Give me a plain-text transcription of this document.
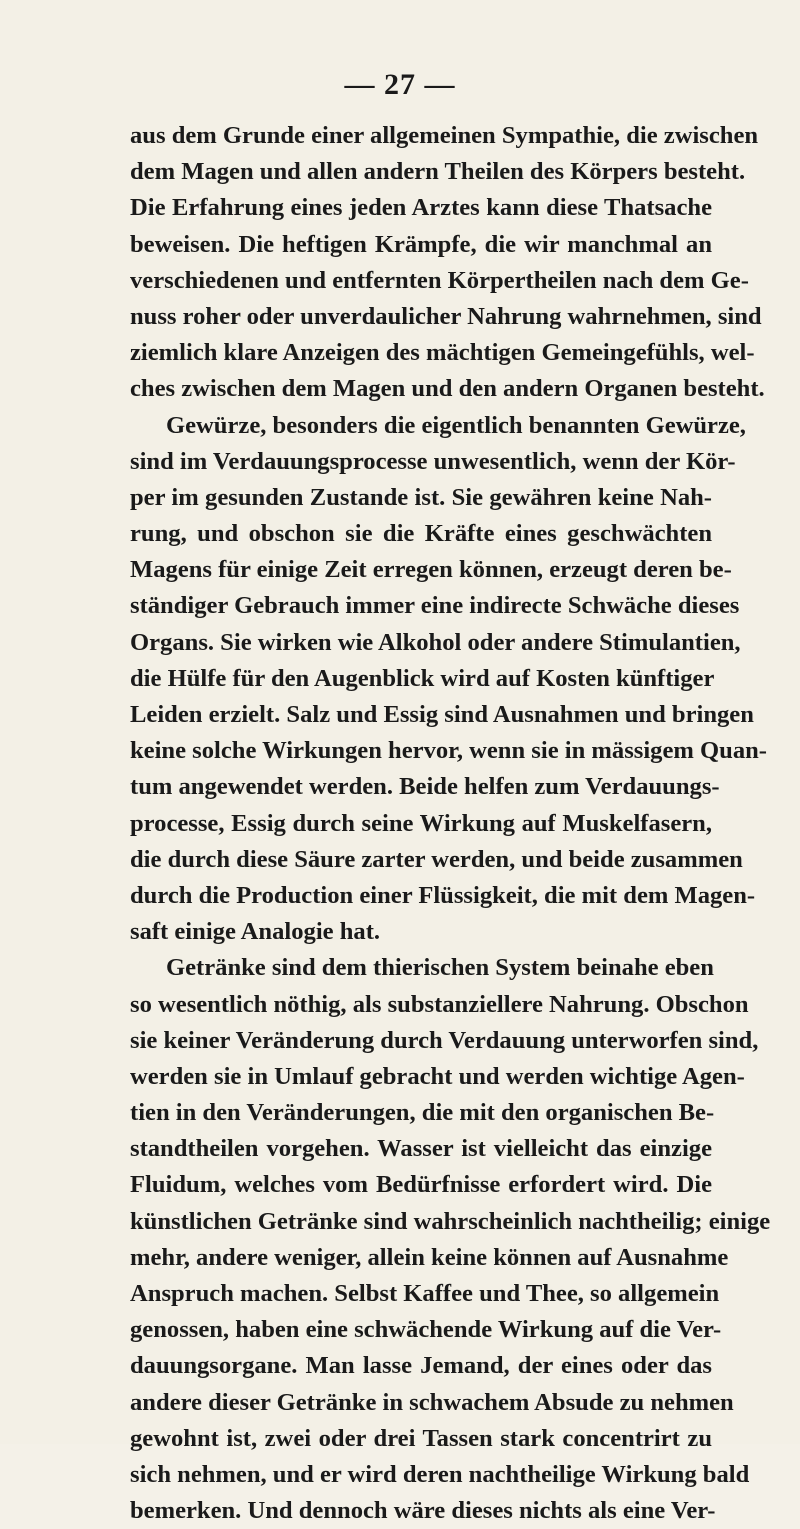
— 27 —
aus dem Grunde einer allgemeinen Sympathie, die zwischen
dem Magen und allen andern Theilen des Körpers besteht.
Die Erfahrung eines jeden Arztes kann diese Thatsache
beweisen. Die heftigen Krämpfe, die wir manchmal an
verschiedenen und entfernten Körpertheilen nach dem Ge-
nuss roher oder unverdaulicher Nahrung wahrnehmen, sind
ziemlich klare Anzeigen des mächtigen Gemeingefühls, wel-
ches zwischen dem Magen und den andern Organen besteht.
Gewürze, besonders die eigentlich benannten Gewürze,
sind im Verdauungsprocesse unwesentlich, wenn der Kör-
per im gesunden Zustande ist. Sie gewähren keine Nah-
rung, und obschon sie die Kräfte eines geschwächten
Magens für einige Zeit erregen können, erzeugt deren be-
ständiger Gebrauch immer eine indirecte Schwäche dieses
Organs. Sie wirken wie Alkohol oder andere Stimulantien,
die Hülfe für den Augenblick wird auf Kosten künftiger
Leiden erzielt. Salz und Essig sind Ausnahmen und bringen
keine solche Wirkungen hervor, wenn sie in mässigem Quan-
tum angewendet werden. Beide helfen zum Verdauungs-
processe, Essig durch seine Wirkung auf Muskelfasern,
die durch diese Säure zarter werden, und beide zusammen
durch die Production einer Flüssigkeit, die mit dem Magen-
saft einige Analogie hat.
Getränke sind dem thierischen System beinahe eben
so wesentlich nöthig, als substanziellere Nahrung. Obschon
sie keiner Veränderung durch Verdauung unterworfen sind,
werden sie in Umlauf gebracht und werden wichtige Agen-
tien in den Veränderungen, die mit den organischen Be-
standtheilen vorgehen. Wasser ist vielleicht das einzige
Fluidum, welches vom Bedürfnisse erfordert wird. Die
künstlichen Getränke sind wahrscheinlich nachtheilig; einige
mehr, andere weniger, allein keine können auf Ausnahme
Anspruch machen. Selbst Kaffee und Thee, so allgemein
genossen, haben eine schwächende Wirkung auf die Ver-
dauungsorgane. Man lasse Jemand, der eines oder das
andere dieser Getränke in schwachem Absude zu nehmen
gewohnt ist, zwei oder drei Tassen stark concentrirt zu
sich nehmen, und er wird deren nachtheilige Wirkung bald
bemerken. Und dennoch wäre dieses nichts als eine Ver-
